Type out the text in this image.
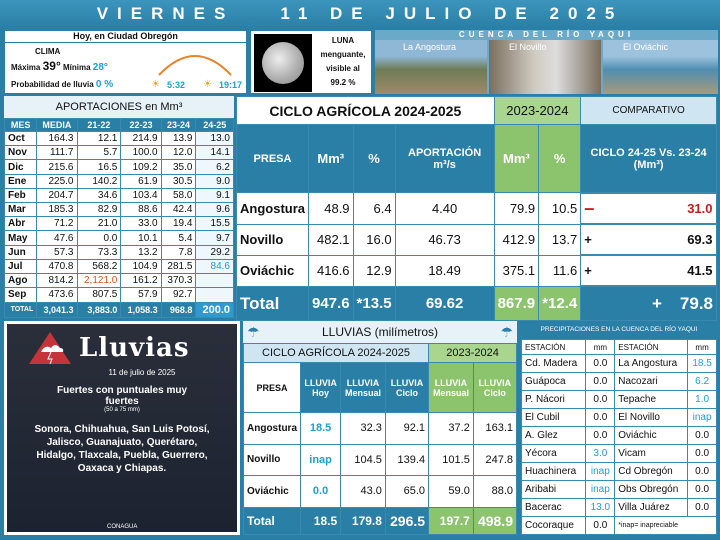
VIERNES	11 DE JULIO DE 2025
Hoy, en Ciudad Obregón
CLIMA
Máxima 39° Mínima 28°
Probabilidad de lluvia 0 %	☀ 5:32 ☀ 19:17
LUNA
menguante,
visible al
99.2 %
CUENCA DEL RÍO YAQUI
La Angostura	El Novillo	El Oviáchic
APORTACIONES en Mm³
MES	MEDIA	21-22	22-23	23-24	24-25
Oct	164.3	12.1	214.9	13.9	13.0
Nov	111.7	5.7	100.0	12.0	14.1
Dic	215.6	16.5	109.2	35.0	6.2
Ene	225.0	140.2	61.9	30.5	9.0
Feb	204.7	34.6	103.4	58.0	9.1
Mar	185.3	82.9	88.6	42.4	9.6
Abr	71.2	21.0	33.0	19.4	15.5
May	47.6	0.0	10.1	5.4	9.7
Jun	57.3	73.3	13.2	7.8	29.2
Jul	470.8	568.2	104.9	281.5	84.6
Ago	814.2	2,121.0	161.2	370.3	
Sep	473.6	807.5	57.9	92.7	
TOTAL	3,041.3	3,883.0	1,058.3	968.8	200.0
CICLO AGRÍCOLA 2024-2025				2023-2024		COMPARATIVO
PRESA	Mm³	%	APORTACIÓN m³/s	Mm³	%	CICLO 24-25 Vs. 23-24 (Mm³)
Angostura	48.9	6.4	4.40	79.9	10.5	–	31.0

Novillo	482.1	16.0	46.73	412.9	13.7	+	69.3

Oviáchic	416.6	12.9	18.49	375.1	11.6	+	41.5

Total	947.6	*13.5	69.62	867.9	*12.4	+ 79.8
Lluvias
11 de julio de 2025
Fuertes con puntuales muy fuertes
(50 a 75 mm)
Sonora, Chihuahua, San Luis Potosí, Jalisco, Guanajuato, Querétaro, Hidalgo, Tlaxcala, Puebla, Guerrero, Oaxaca y Chiapas.
CONAGUA
☂	LLUVIAS (milímetros)	☂
CICLO AGRÍCOLA 2024-2025				2023-2024	
PRESA	LLUVIA Hoy	LLUVIA Mensual	LLUVIA Ciclo	LLUVIA Mensual	LLUVIA Ciclo
Angostura	18.5	32.3	92.1	37.2	163.1
Novillo	inap	104.5	139.4	101.5	247.8
Oviáchic	0.0	43.0	65.0	59.0	88.0
Total	18.5	179.8	296.5	197.7	498.9
PRECIPITACIONES EN LA CUENCA DEL RÍO YAQUI
ESTACIÓN	mm	ESTACIÓN	mm
Cd. Madera	0.0	La Angostura	18.5
Guápoca	0.0	Nacozari	6.2
P. Nácori	0.0	Tepache	1.0
El Cubil	0.0	El Novillo	inap
A. Glez	0.0	Oviáchic	0.0
Yécora	3.0	Vicam	0.0
Huachinera	inap	Cd Obregón	0.0
Aribabi	inap	Obs Obregón	0.0
Bacerac	13.0	Villa Juárez	0.0
Cocoraque	0.0	*inap= inapreciable	
